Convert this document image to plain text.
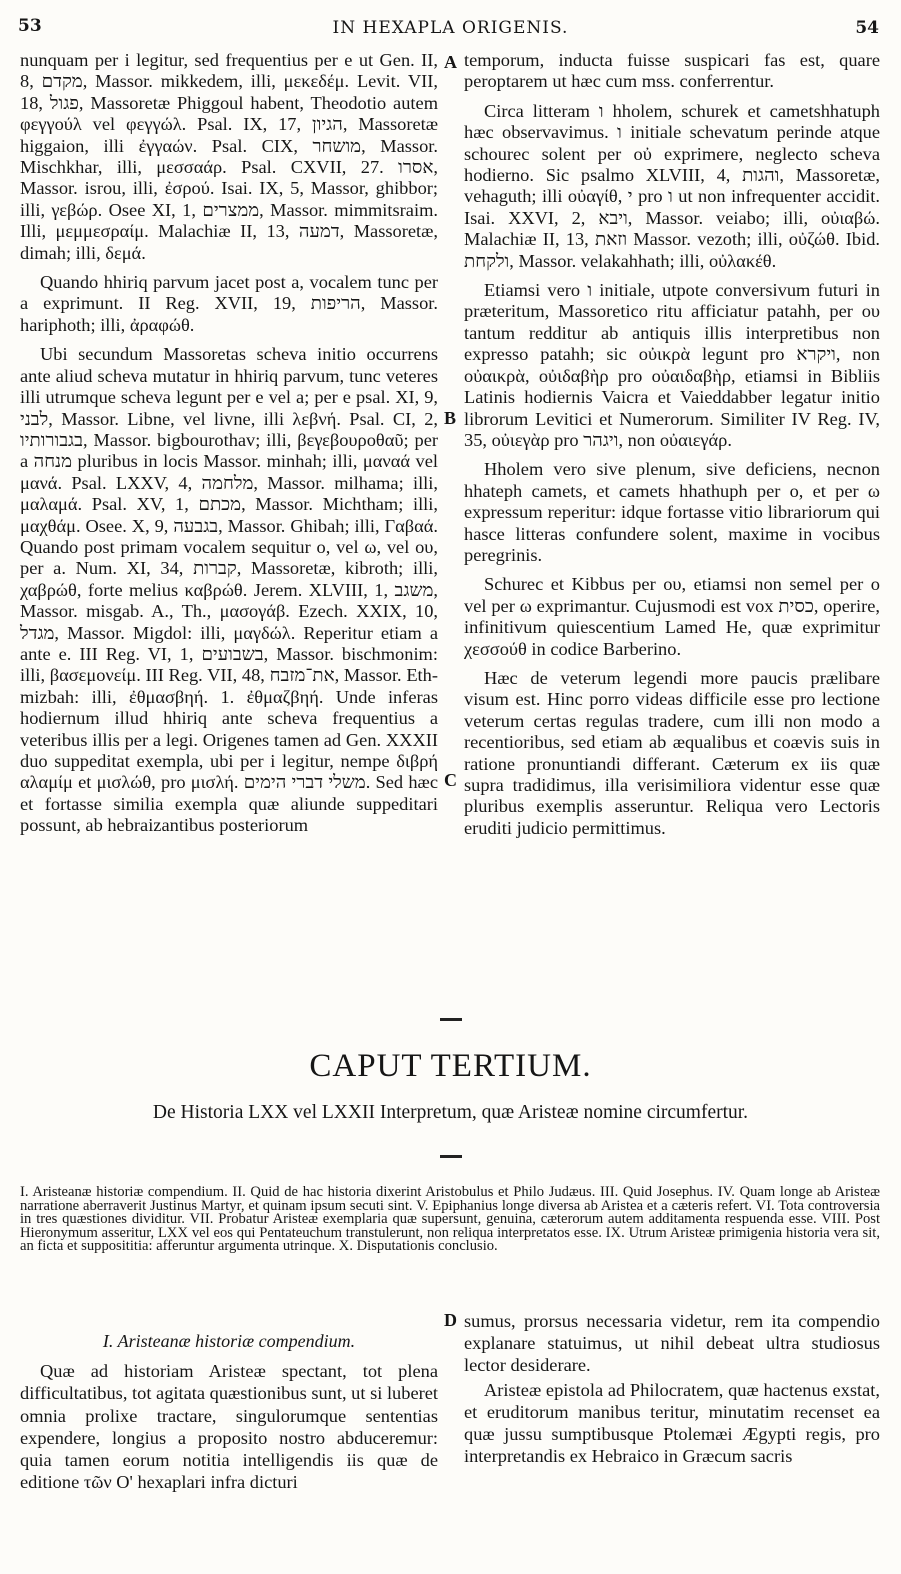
53	IN HEXAPLA ORIGENIS.	54

nunquam per i legitur, sed frequentius per e ut Gen. II, 8, מקדם, Massor. mikkedem, illi, μεκεδέμ. Levit. VII, 18, פגול, Massoretæ Phiggoul habent, Theodotio autem φεγγούλ vel φεγγώλ. Psal. IX, 17, הגיון, Massoretæ higgaion, illi ἐγγαών. Psal. CIX, מושחר, Massor. Mischkhar, illi, μεσσαάρ. Psal. CXVII, 27. אסרו, Massor. isrou, illi, ἐσρού. Isai. IX, 5, Massor, ghibbor; illi, γεβώρ. Osee XI, 1, ממצרים, Massor. mimmitsraim. Illi, μεμμεσραίμ. Malachiæ II, 13, דמעה, Massoretæ, dimah; illi, δεμά.

Quando hhiriq parvum jacet post a, vocalem tunc per a exprimunt. II Reg. XVII, 19, הריפות, Massor. hariphoth; illi, ἀραφώθ.

Ubi secundum Massoretas scheva initio occurrens ante aliud scheva mutatur in hhiriq parvum, tunc veteres illi utrumque scheva legunt per e vel a; per e psal. XI, 9, לבני, Massor. Libne, vel livne, illi λεβνή. Psal. CI, 2, בגבורותיו, Massor. bigbourothav; illi, βεγεβουροθαῦ; per a מנחה pluribus in locis Massor. minhah; illi, μαναά vel μανά. Psal. LXXV, 4, מלחמה, Massor. milhama; illi, μαλαμά. Psal. XV, 1, מכתם, Massor. Michtham; illi, μαχθάμ. Osee. X, 9, בגבעה, Massor. Ghibah; illi, Γαβαά. Quando post primam vocalem sequitur o, vel ω, vel ου, per a. Num. XI, 34, קברות, Massoretæ, kibroth; illi, χαβρώθ, forte melius καβρώθ. Jerem. XLVIII, 1, משגב, Massor. misgab. A., Th., μασογάβ. Ezech. XXIX, 10, מגדל, Massor. Migdol: illi, μαγδώλ. Reperitur etiam a ante e. III Reg. VI, 1, בשבועים, Massor. bischmonim: illi, βασεμονείμ. III Reg. VII, 48, את־מזבח, Massor. Eth-mizbah: illi, ἐθμασβηή. 1. ἐθμαζβηή. Unde inferas hodiernum illud hhiriq ante scheva frequentius a veteribus illis per a legi. Origenes tamen ad Gen. XXXII duo suppeditat exempla, ubi per i legitur, nempe διβρή αλαμίμ et μισλώθ, pro μισλή. משלי דברי הימים. Sed hæc et fortasse similia exempla quæ aliunde suppeditari possunt, ab hebraizantibus posteriorum

A
B
C

temporum, inducta fuisse suspicari fas est, quare peroptarem ut hæc cum mss. conferrentur.

Circa litteram ו hholem, schurek et cametshhatuph hæc observavimus. ו initiale schevatum perinde atque schourec solent per οὐ exprimere, neglecto scheva hodierno. Sic psalmo XLVIII, 4, והגות, Massoretæ, vehaguth; illi οὐαγίθ, י pro ו ut non infrequenter accidit. Isai. XXVI, 2, ויבא, Massor. veiabo; illi, οὐιαβώ. Malachiæ II, 13, וזאת Massor. vezoth; illi, οὐζώθ. Ibid. ולקחת, Massor. velakahhath; illi, οὐλακέθ.

Etiamsi vero ו initiale, utpote conversivum futuri in præteritum, Massoretico ritu afficiatur patahh, per ου tantum redditur ab antiquis illis interpretibus non expresso patahh; sic οὐικρὰ legunt pro ויקרא, non οὐαικρὰ, οὐιδαβὴρ pro οὐαιδαβὴρ, etiamsi in Bibliis Latinis hodiernis Vaicra et Vaieddabber legatur initio librorum Levitici et Numerorum. Similiter IV Reg. IV, 35, οὐιεγὰρ pro ויגהר, non οὐαιεγάρ.

Hholem vero sive plenum, sive deficiens, necnon hhateph camets, et camets hhathuph per o, et per ω expressum reperitur: idque fortasse vitio librariorum qui hasce litteras confundere solent, maxime in vocibus peregrinis.

Schurec et Kibbus per ου, etiamsi non semel per o vel per ω exprimantur. Cujusmodi est vox כסית, operire, infinitivum quiescentium Lamed He, quæ exprimitur χεσσούθ in codice Barberino.

Hæc de veterum legendi more paucis prælibare visum est. Hinc porro videas difficile esse pro lectione veterum certas regulas tradere, cum illi non modo a recentioribus, sed etiam ab æqualibus et coævis suis in ratione pronuntiandi differant. Cæterum ex iis quæ supra tradidimus, illa verisimiliora videntur esse quæ pluribus exemplis asseruntur. Reliqua vero Lectoris eruditi judicio permittimus.

CAPUT TERTIUM.
De Historia LXX vel LXXII Interpretum, quæ Aristeæ nomine circumfertur.
I. Aristeanæ historiæ compendium. II. Quid de hac historia dixerint Aristobulus et Philo Judæus. III. Quid Josephus. IV. Quam longe ab Aristeæ narratione aberraverit Justinus Martyr, et quinam ipsum secuti sint. V. Epiphanius longe diversa ab Aristea et a cæteris refert. VI. Tota controversia in tres quæstiones dividitur. VII. Probatur Aristeæ exemplaria quæ supersunt, genuina, cæterorum autem additamenta respuenda esse. VIII. Post Hieronymum asseritur, LXX vel eos qui Pentateuchum transtulerunt, non reliqua interpretatos esse. IX. Utrum Aristeæ primigenia historia vera sit, an ficta et supposititia: afferuntur argumenta utrinque. X. Disputationis conclusio.
I. Aristeanæ historiæ compendium.

Quæ ad historiam Aristeæ spectant, tot plena difficultatibus, tot agitata quæstionibus sunt, ut si luberet omnia prolixe tractare, singulorumque sententias expendere, longius a proposito nostro abduceremur: quia tamen eorum notitia intelligendis iis quæ de editione τῶν Ο' hexaplari infra dicturi

D sumus, prorsus necessaria videtur, rem ita compendio explanare statuimus, ut nihil debeat ultra studiosus lector desiderare.

Aristeæ epistola ad Philocratem, quæ hactenus exstat, et eruditorum manibus teritur, minutatim recenset ea quæ jussu sumptibusque Ptolemæi Ægypti regis, pro interpretandis ex Hebraico in Græcum sacris
